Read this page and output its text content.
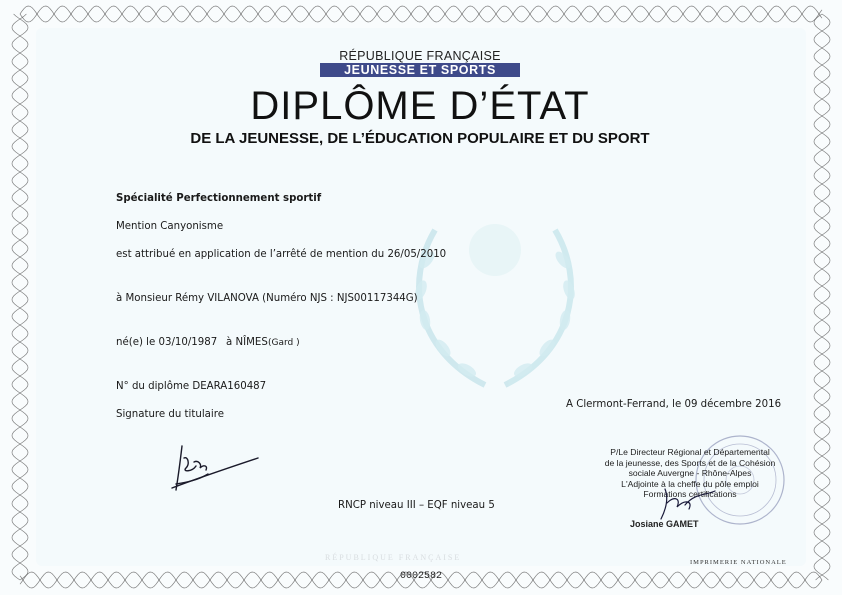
RÉPUBLIQUE FRANÇAISE
JEUNESSE ET SPORTS
DIPLÔME D’ÉTAT
DE LA JEUNESSE, DE L’ÉDUCATION POPULAIRE ET DU SPORT
Spécialité Perfectionnement sportif
Mention Canyonisme
est attribué en application de l’arrêté de mention du 26/05/2010
à Monsieur Rémy VILANOVA (Numéro NJS : NJS00117344G)
né(e) le 03/10/1987 à NÎMES (Gard )
N° du diplôme DEARA160487
Signature du titulaire
A Clermont-Ferrand, le 09 décembre 2016
RNCP niveau III – EQF niveau 5
P/Le Directeur Régional et Départemental
de la jeunesse, des Sports et de la Cohésion
sociale Auvergne - Rhône-Alpes
L'Adjointe à la cheffe du pôle emploi
Formations certifications
Josiane GAMET
RÉPUBLIQUE FRANÇAISE
0002582
IMPRIMERIE NATIONALE
